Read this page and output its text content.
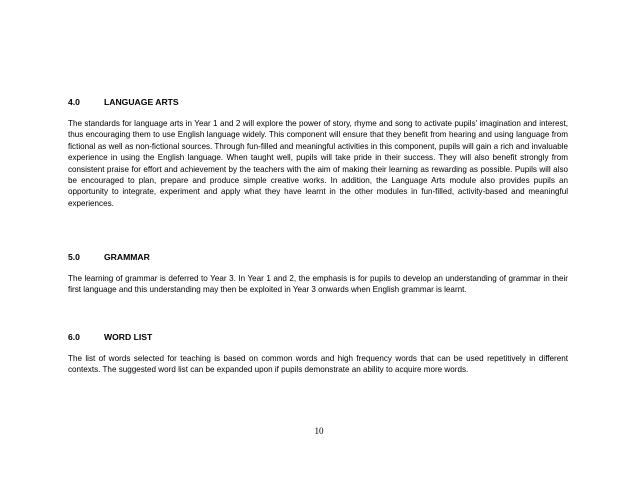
4.0	LANGUAGE ARTS
The standards for language arts in Year 1 and 2 will explore the power of story, rhyme and song to activate pupils' imagination and interest, thus encouraging them to use English language widely. This component will ensure that they benefit from hearing and using language from fictional as well as non-fictional sources. Through fun-filled and meaningful activities in this component, pupils will gain a rich and invaluable experience in using the English language. When taught well, pupils will take pride in their success. They will also benefit strongly from consistent praise for effort and achievement by the teachers with the aim of making their learning as rewarding as possible. Pupils will also be encouraged to plan, prepare and produce simple creative works. In addition, the Language Arts module also provides pupils an opportunity to integrate, experiment and apply what they have learnt in the other modules in fun-filled, activity-based and meaningful experiences.
5.0	GRAMMAR
The learning of grammar is deferred to Year 3. In Year 1 and 2, the emphasis is for pupils to develop an understanding of grammar in their first language and this understanding may then be exploited in Year 3 onwards when English grammar is learnt.
6.0	WORD LIST
The list of words selected for teaching is based on common words and high frequency words that can be used repetitively in different contexts. The suggested word list can be expanded upon if pupils demonstrate an ability to acquire more words.
10
